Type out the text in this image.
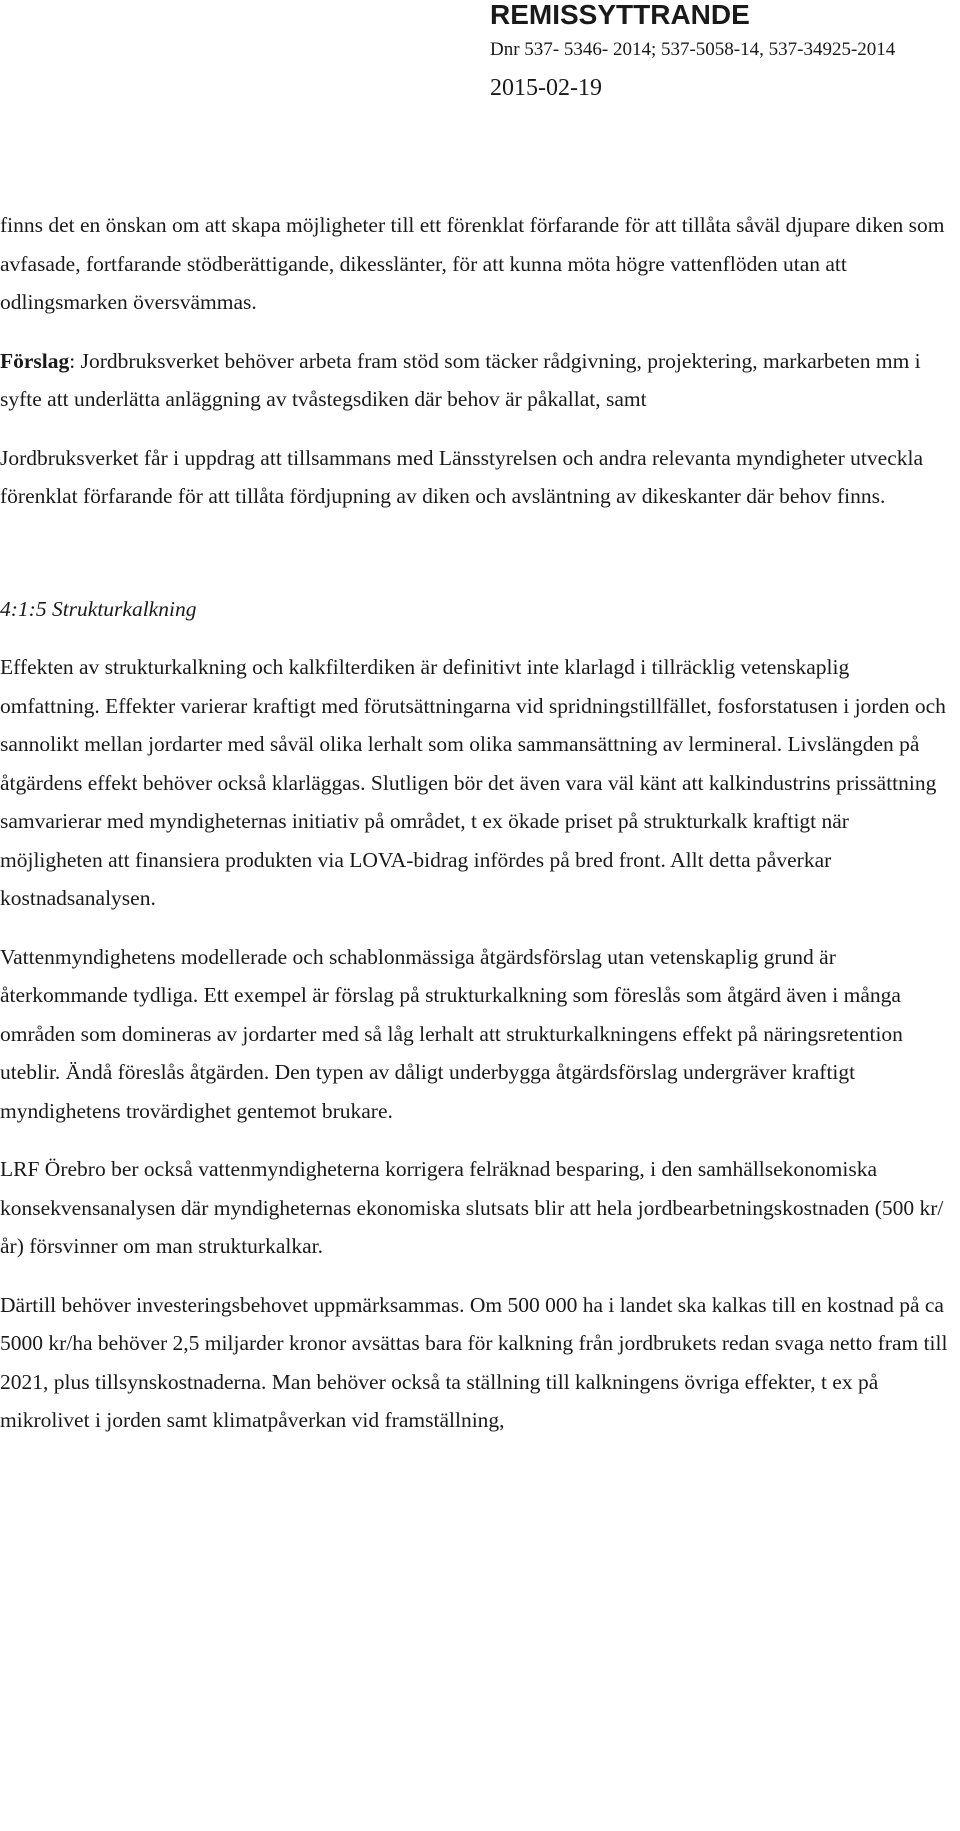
REMISSYTTRANDE
Dnr 537- 5346- 2014; 537-5058-14, 537-34925-2014
2015-02-19

finns det en önskan om att skapa möjligheter till ett förenklat förfarande för att tillåta såväl djupare diken som avfasade, fortfarande stödberättigande, dikesslänter, för att kunna möta högre vattenflöden utan att odlingsmarken översvämmas.

Förslag: Jordbruksverket behöver arbeta fram stöd som täcker rådgivning, projektering, markarbeten mm i syfte att underlätta anläggning av tvåstegsdiken där behov är påkallat, samt

Jordbruksverket får i uppdrag att tillsammans med Länsstyrelsen och andra relevanta myndigheter utveckla förenklat förfarande för att tillåta fördjupning av diken och avsläntning av dikeskanter där behov finns.

4:1:5 Strukturkalkning

Effekten av strukturkalkning och kalkfilterdiken är definitivt inte klarlagd i tillräcklig vetenskaplig omfattning. Effekter varierar kraftigt med förutsättningarna vid spridningstillfället, fosforstatusen i jorden och sannolikt mellan jordarter med såväl olika lerhalt som olika sammansättning av lermineral. Livslängden på åtgärdens effekt behöver också klarläggas. Slutligen bör det även vara väl känt att kalkindustrins prissättning samvarierar med myndigheternas initiativ på området, t ex ökade priset på strukturkalk kraftigt när möjligheten att finansiera produkten via LOVA-bidrag infördes på bred front. Allt detta påverkar kostnadsanalysen.

Vattenmyndighetens modellerade och schablonmässiga åtgärdsförslag utan vetenskaplig grund är återkommande tydliga. Ett exempel är förslag på strukturkalkning som föreslås som åtgärd även i många områden som domineras av jordarter med så låg lerhalt att strukturkalkningens effekt på näringsretention uteblir. Ändå föreslås åtgärden. Den typen av dåligt underbygga åtgärdsförslag undergräver kraftigt myndighetens trovärdighet gentemot brukare.

LRF Örebro ber också vattenmyndigheterna korrigera felräknad besparing, i den samhällsekonomiska konsekvensanalysen där myndigheternas ekonomiska slutsats blir att hela jordbearbetningskostnaden (500 kr/år) försvinner om man strukturkalkar.

Därtill behöver investeringsbehovet uppmärksammas. Om 500 000 ha i landet ska kalkas till en kostnad på ca 5000 kr/ha behöver 2,5 miljarder kronor avsättas bara för kalkning från jordbrukets redan svaga netto fram till 2021, plus tillsynskostnaderna. Man behöver också ta ställning till kalkningens övriga effekter, t ex på mikrolivet i jorden samt klimatpåverkan vid framställning,
